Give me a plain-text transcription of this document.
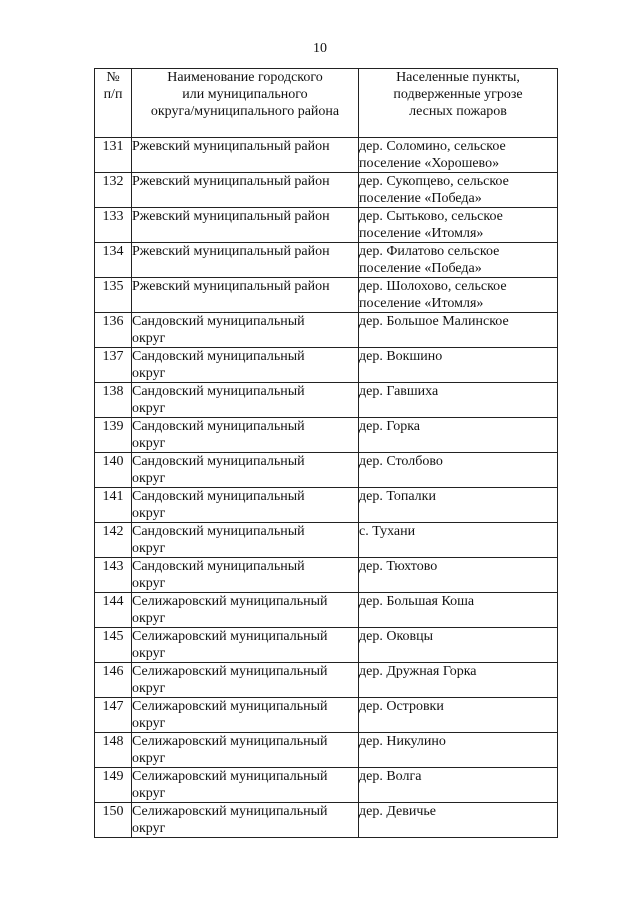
10
№
п/п	Наименование городского
или муниципального
округа/муниципального района	Населенные пункты,
подверженные угрозе
лесных пожаров

131	Ржевский муниципальный район	дер. Соломино, сельское
поселение «Хорошево»

132	Ржевский муниципальный район	дер. Сукопцево, сельское
поселение «Победа»

133	Ржевский муниципальный район	дер. Сытьково, сельское
поселение «Итомля»

134	Ржевский муниципальный район	дер. Филатово сельское
поселение «Победа»

135	Ржевский муниципальный район	дер. Шолохово, сельское
поселение «Итомля»

136	Сандовский муниципальный
округ	дер. Большое Малинское

137	Сандовский муниципальный
округ	дер. Вокшино

138	Сандовский муниципальный
округ	дер. Гавшиха

139	Сандовский муниципальный
округ	дер. Горка

140	Сандовский муниципальный
округ	дер. Столбово

141	Сандовский муниципальный
округ	дер. Топалки

142	Сандовский муниципальный
округ	с. Тухани

143	Сандовский муниципальный
округ	дер. Тюхтово

144	Селижаровский муниципальный
округ	дер. Большая Коша

145	Селижаровский муниципальный
округ	дер. Оковцы

146	Селижаровский муниципальный
округ	дер. Дружная Горка

147	Селижаровский муниципальный
округ	дер. Островки

148	Селижаровский муниципальный
округ	дер. Никулино

149	Селижаровский муниципальный
округ	дер. Волга

150	Селижаровский муниципальный
округ	дер. Девичье
